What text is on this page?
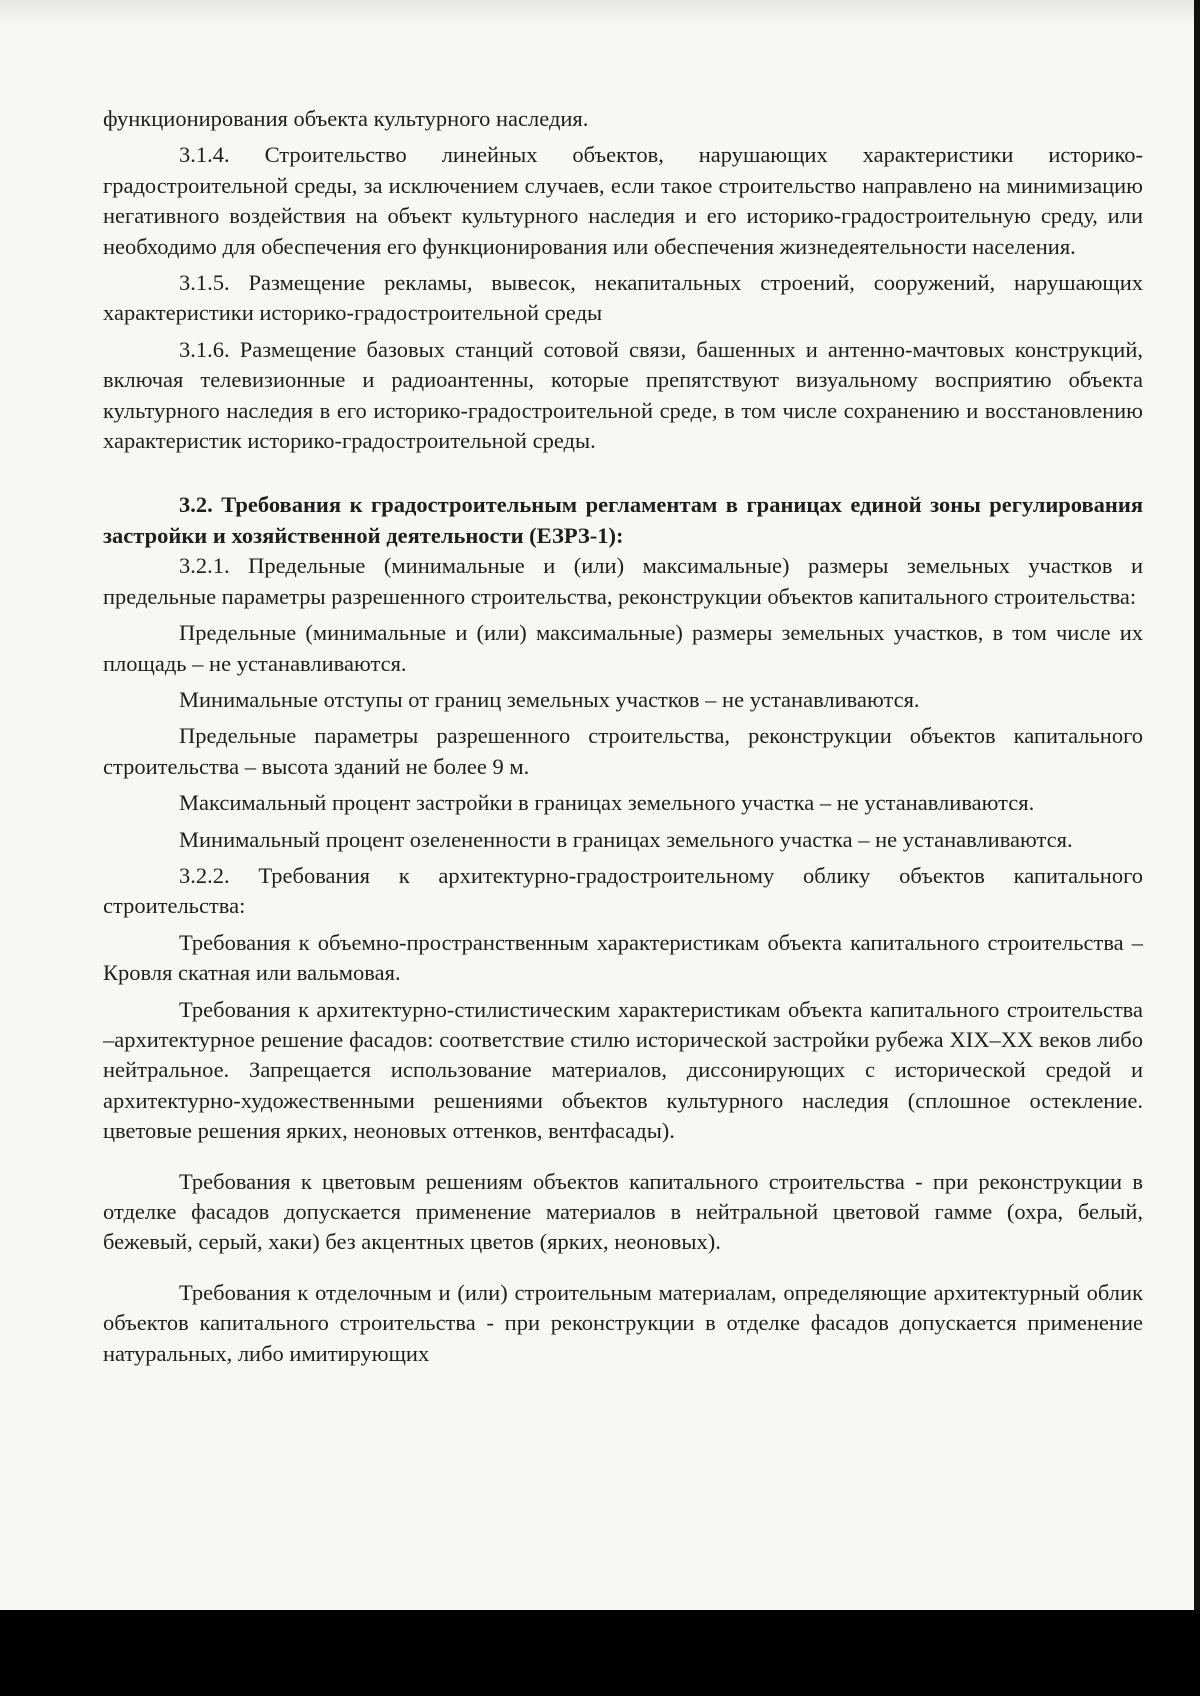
функционирования объекта культурного наследия.

3.1.4. Строительство линейных объектов, нарушающих характеристики историко-градостроительной среды, за исключением случаев, если такое строительство направлено на минимизацию негативного воздействия на объект культурного наследия и его историко-градостроительную среду, или необходимо для обеспечения его функционирования или обеспечения жизнедеятельности населения.

3.1.5. Размещение рекламы, вывесок, некапитальных строений, сооружений, нарушающих характеристики историко-градостроительной среды

3.1.6. Размещение базовых станций сотовой связи, башенных и антенно-мачтовых конструкций, включая телевизионные и радиоантенны, которые препятствуют визуальному восприятию объекта культурного наследия в его историко-градостроительной среде, в том числе сохранению и восстановлению характеристик историко-градостроительной среды.

3.2. Требования к градостроительным регламентам в границах единой зоны регулирования застройки и хозяйственной деятельности (ЕЗРЗ-1):

3.2.1. Предельные (минимальные и (или) максимальные) размеры земельных участков и предельные параметры разрешенного строительства, реконструкции объектов капитального строительства:

Предельные (минимальные и (или) максимальные) размеры земельных участков, в том числе их площадь – не устанавливаются.

Минимальные отступы от границ земельных участков – не устанавливаются.

Предельные параметры разрешенного строительства, реконструкции объектов капитального строительства – высота зданий не более 9 м.

Максимальный процент застройки в границах земельного участка – не устанавливаются.

Минимальный процент озелененности в границах земельного участка – не устанавливаются.

3.2.2. Требования к архитектурно-градостроительному облику объектов капитального строительства:

Требования к объемно-пространственным характеристикам объекта капитального строительства –Кровля скатная или вальмовая.

Требования к архитектурно-стилистическим характеристикам объекта капитального строительства –архитектурное решение фасадов: соответствие стилю исторической застройки рубежа XIX–XX веков либо нейтральное. Запрещается использование материалов, диссонирующих с исторической средой и архитектурно-художественными решениями объектов культурного наследия (сплошное остекление. цветовые решения ярких, неоновых оттенков, вентфасады).

Требования к цветовым решениям объектов капитального строительства - при реконструкции в отделке фасадов допускается применение материалов в нейтральной цветовой гамме (охра, белый, бежевый, серый, хаки) без акцентных цветов (ярких, неоновых).

Требования к отделочным и (или) строительным материалам, определяющие архитектурный облик объектов капитального строительства - при реконструкции в отделке фасадов допускается применение натуральных, либо имитирующих
